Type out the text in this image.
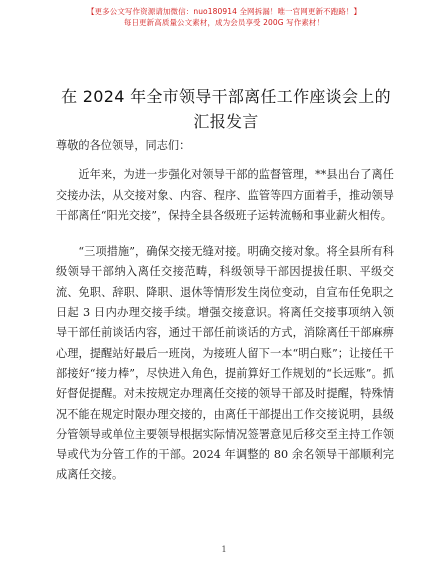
【更多公文写作资源请加微信：nuo180914 全网拆漏！唯一官网更新不跑路！】
每日更新高质量公文素材，成为会员享受 200G 写作素材！
在 2024 年全市领导干部离任工作座谈会上的汇报发言

尊敬的各位领导，同志们：

近年来，为进一步强化对领导干部的监督管理，**县出台了离任交接办法，从交接对象、内容、程序、监管等四方面着手，推动领导干部离任“阳光交接”，保持全县各级班子运转流畅和事业薪火相传。

“三项措施”，确保交接无缝对接。明确交接对象。将全县所有科级领导干部纳入离任交接范畴，科级领导干部因提拔任职、平级交流、免职、辞职、降职、退休等情形发生岗位变动，自宣布任免职之日起 3 日内办理交接手续。增强交接意识。将离任交接事项纳入领导干部任前谈话内容，通过干部任前谈话的方式，消除离任干部麻痹心理，提醒站好最后一班岗，为接班人留下一本“明白账”；让接任干部接好“接力棒”，尽快进入角色，提前算好工作规划的“长远账”。抓好督促提醒。对未按规定办理离任交接的领导干部及时提醒，特殊情况不能在规定时限办理交接的，由离任干部提出工作交接说明，县级分管领导或单位主要领导根据实际情况签署意见后移交至主持工作领导或代为分管工作的干部。2024 年调整的 80 余名领导干部顺利完成离任交接。

1
